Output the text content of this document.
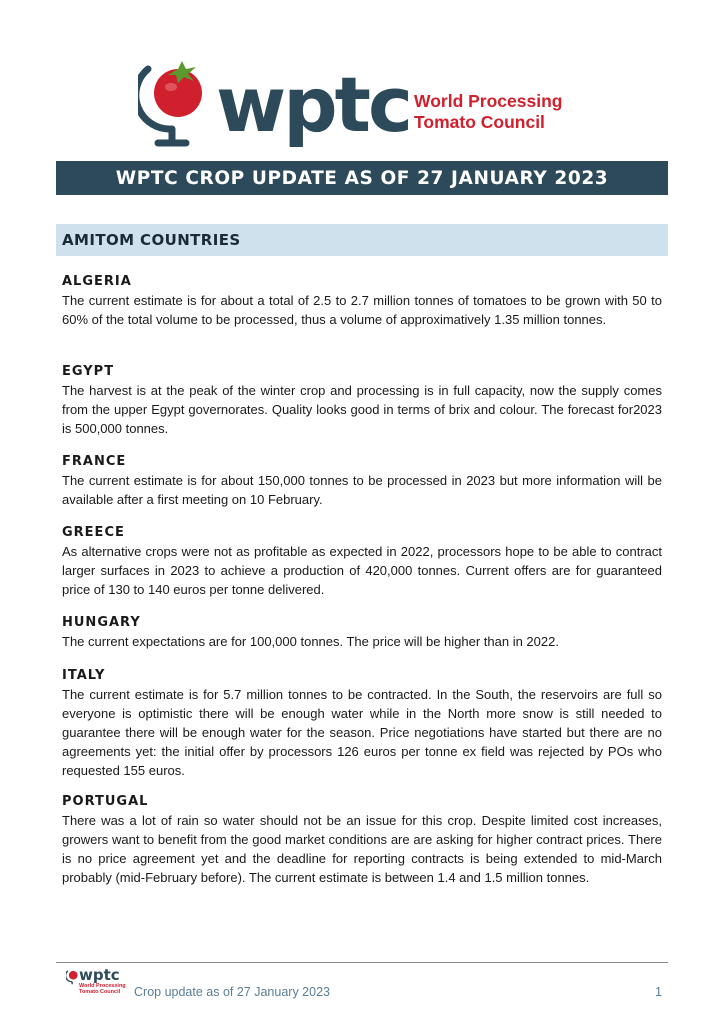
wptc World Processing
Tomato Council
WPTC CROP UPDATE AS OF 27 JANUARY 2023
AMITOM COUNTRIES
ALGERIA

The current estimate is for about a total of 2.5 to 2.7 million tonnes of tomatoes to be grown with 50 to 60% of the total volume to be processed, thus a volume of approximatively 1.35 million tonnes.

EGYPT

The harvest is at the peak of the winter crop and processing is in full capacity, now the supply comes from the upper Egypt governorates. Quality looks good in terms of brix and colour. The forecast for2023 is 500,000 tonnes.

FRANCE

The current estimate is for about 150,000 tonnes to be processed in 2023 but more information will be available after a first meeting on 10 February.

GREECE

As alternative crops were not as profitable as expected in 2022, processors hope to be able to contract larger surfaces in 2023 to achieve a production of 420,000 tonnes. Current offers are for guaranteed price of 130 to 140 euros per tonne delivered.

HUNGARY

The current expectations are for 100,000 tonnes. The price will be higher than in 2022.

ITALY

The current estimate is for 5.7 million tonnes to be contracted. In the South, the reservoirs are full so everyone is optimistic there will be enough water while in the North more snow is still needed to guarantee there will be enough water for the season. Price negotiations have started but there are no agreements yet: the initial offer by processors 126 euros per tonne ex field was rejected by POs who requested 155 euros.

PORTUGAL

There was a lot of rain so water should not be an issue for this crop. Despite limited cost increases, growers want to benefit from the good market conditions are are asking for higher contract prices. There is no price agreement yet and the deadline for reporting contracts is being extended to mid-March probably (mid-February before). The current estimate is between 1.4 and 1.5 million tonnes.

wptc
World Processing
Tomato Council	Crop update as of 27 January 2023	1
